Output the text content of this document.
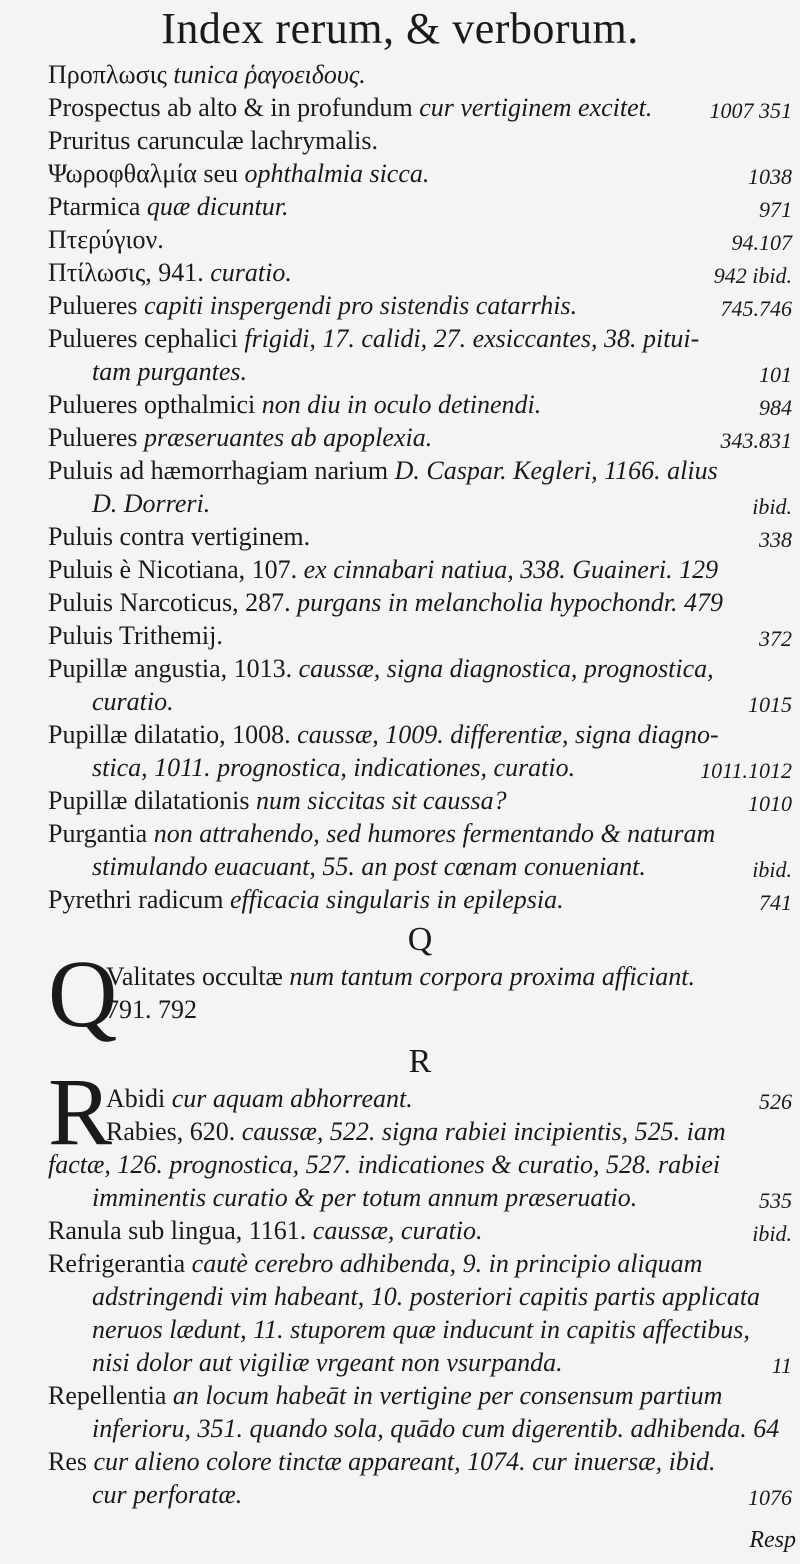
Index rerum, & verborum.
Προπλωσις tunica ῥαγοειδους.
Prospectus ab alto & in profundum cur vertiginem excitet.	1007 351
Pruritus carunculæ lachrymalis.
Ψωροφθαλμία seu ophthalmia sicca.	1038
Ptarmica quæ dicuntur.	971
Πτερύγιον.	94.107
Πτίλωσις, 941. curatio.	942 ibid.
Pulueres capiti inspergendi pro sistendis catarrhis.	745.746
Pulueres cephalici frigidi, 17. calidi, 27. exsiccantes, 38. pitui-
tam purgantes.	101
Pulueres opthalmici non diu in oculo detinendi.	984
Pulueres præseruantes ab apoplexia.	343.831
Puluis ad hæmorrhagiam narium D. Caspar. Kegleri, 1166. alius
D. Dorreri.	ibid.
Puluis contra vertiginem.	338
Puluis è Nicotiana, 107. ex cinnabari natiua, 338. Guaineri. 129
Puluis Narcoticus, 287. purgans in melancholia hypochondr. 479
Puluis Trithemij.	372
Pupillæ angustia, 1013. caussæ, signa diagnostica, prognostica,
curatio.	1015
Pupillæ dilatatio, 1008. caussæ, 1009. differentiæ, signa diagno-
stica, 1011. prognostica, indicationes, curatio.	1011.1012
Pupillæ dilatationis num siccitas sit caussa?	1010
Purgantia non attrahendo, sed humores fermentando & naturam
stimulando euacuant, 55. an post cœnam conueniant.	ibid.
Pyrethri radicum efficacia singularis in epilepsia.	741
Q
Q
Valitates occultæ num tantum corpora proxima afficiant.
791. 792
R
R
Abidi cur aquam abhorreant.	526
Rabies, 620. caussæ, 522. signa rabiei incipientis, 525. iam
factæ, 126. prognostica, 527. indicationes & curatio, 528. rabiei
imminentis curatio & per totum annum præseruatio.	535
Ranula sub lingua, 1161. caussæ, curatio.	ibid.
Refrigerantia cautè cerebro adhibenda, 9. in principio aliquam
adstringendi vim habeant, 10. posteriori capitis partis applicata
neruos lædunt, 11. stuporem quæ inducunt in capitis affectibus,
nisi dolor aut vigiliæ vrgeant non vsurpanda.	11
Repellentia an locum habeāt in vertigine per consensum partium
inferioru, 351. quando sola, quādo cum digerentib. adhibenda. 64
Res cur alieno colore tinctæ appareant, 1074. cur inuersæ, ibid.
cur perforatæ.	1076
Resp
